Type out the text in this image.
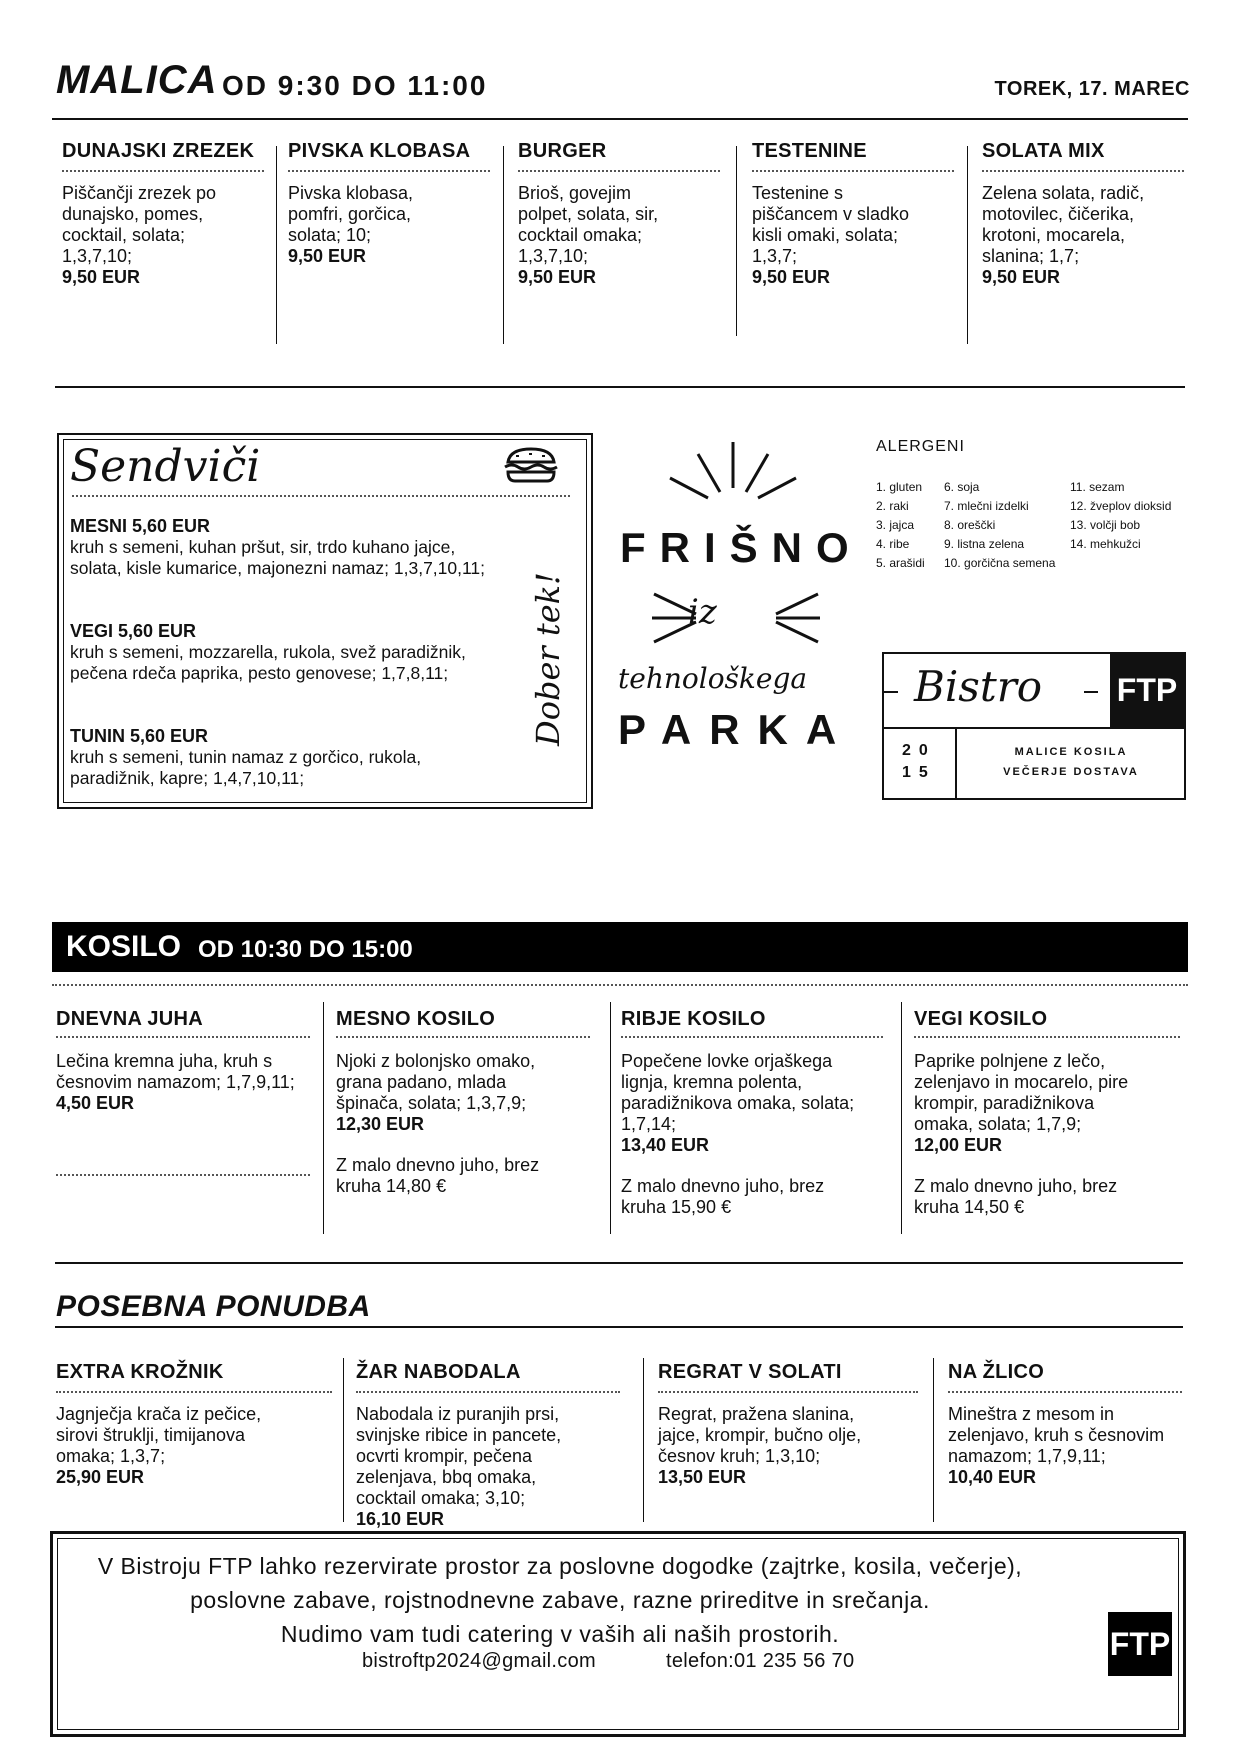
MALICA OD 9:30 DO 11:00	TOREK, 17. MAREC
DUNAJSKI ZREZEK
Piščančji zrezek po
dunajsko, pomes,
cocktail, solata;
1,3,7,10;
9,50 EUR
PIVSKA KLOBASA
Pivska klobasa,
pomfri, gorčica,
solata; 10;
9,50 EUR
BURGER
Brioš, govejim
polpet, solata, sir,
cocktail omaka;
1,3,7,10;
9,50 EUR
TESTENINE
Testenine s
piščancem v sladko
kisli omaki, solata;
1,3,7;
9,50 EUR
SOLATA MIX
Zelena solata, radič,
motovilec, čičerika,
krotoni, mocarela,
slanina; 1,7;
9,50 EUR
Sendviči
MESNI 5,60 EUR
kruh s semeni, kuhan pršut, sir, trdo kuhano jajce, solata, kisle kumarice, majonezni namaz; 1,3,7,10,11;
VEGI 5,60 EUR
kruh s semeni, mozzarella, rukola, svež paradižnik, pečena rdeča paprika, pesto genovese; 1,7,8,11;
TUNIN 5,60 EUR
kruh s semeni, tunin namaz z gorčico, rukola, paradižnik, kapre; 1,4,7,10,11;
Dober tek!
FRIŠNO
iz
tehnološkega
PARKA
ALERGENI
1. gluten
2. raki
3. jajca
4. ribe
5. arašidi
6. soja
7. mlečni izdelki
8. oreščki
9. listna zelena
10. gorčična semena
11. sezam
12. žveplov dioksid
13. volčji bob
14. mehkužci
Bistro FTP
20
15
MALICE KOSILA
VEČERJE DOSTAVA
KOSILO OD 10:30 DO 15:00
DNEVNA JUHA
Lečina kremna juha, kruh s
česnovim namazom; 1,7,9,11;
4,50 EUR
MESNO KOSILO
Njoki z bolonjsko omako,
grana padano, mlada
špinača, solata; 1,3,7,9;
12,30 EUR
Z malo dnevno juho, brez
kruha 14,80 €
RIBJE KOSILO
Popečene lovke orjaškega
lignja, kremna polenta,
paradižnikova omaka, solata;
1,7,14;
13,40 EUR
Z malo dnevno juho, brez
kruha 15,90 €
VEGI KOSILO
Paprike polnjene z lečo,
zelenjavo in mocarelo, pire
krompir, paradižnikova
omaka, solata; 1,7,9;
12,00 EUR
Z malo dnevno juho, brez
kruha 14,50 €
POSEBNA PONUDBA
EXTRA KROŽNIK
Jagnječja krača iz pečice,
sirovi štruklji, timijanova
omaka; 1,3,7;
25,90 EUR
ŽAR NABODALA
Nabodala iz puranjih prsi,
svinjske ribice in pancete,
ocvrti krompir, pečena
zelenjava, bbq omaka,
cocktail omaka; 3,10;
16,10 EUR
REGRAT V SOLATI
Regrat, pražena slanina,
jajce, krompir, bučno olje,
česnov kruh; 1,3,10;
13,50 EUR
NA ŽLICO
Mineštra z mesom in
zelenjavo, kruh s česnovim
namazom; 1,7,9,11;
10,40 EUR
V Bistroju FTP lahko rezervirate prostor za poslovne dogodke (zajtrke, kosila, večerje),
poslovne zabave, rojstnodnevne zabave, razne prireditve in srečanja.
Nudimo vam tudi catering v vaših ali naših prostorih.
bistroftp2024@gmail.com	telefon:01 235 56 70	FTP
